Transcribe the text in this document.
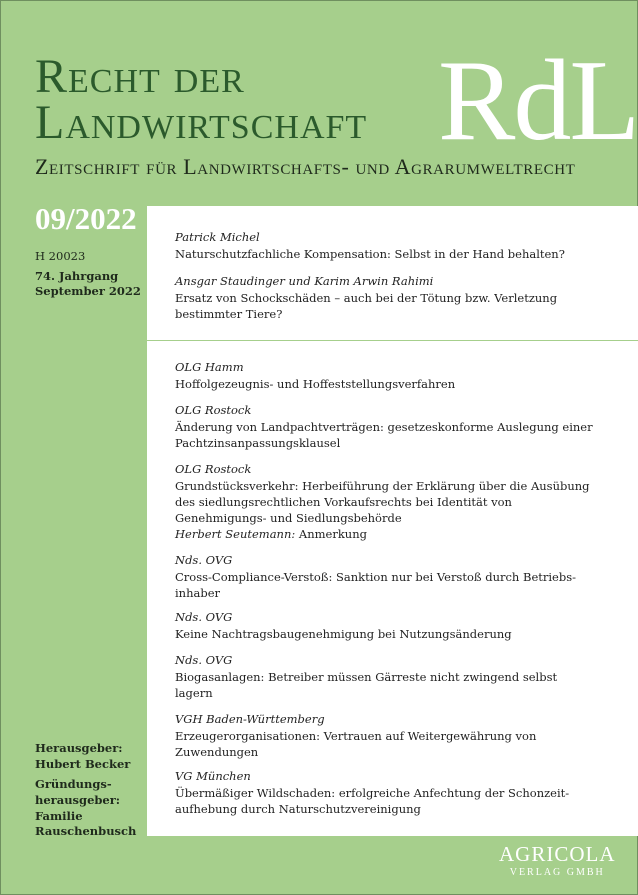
Recht der
Landwirtschaft RdL
Zeitschrift für Landwirtschafts- und Agrarumweltrecht
09/2022
H 20023
74. Jahrgang
September 2022
Herausgeber:
Hubert Becker
Gründungs-
herausgeber:
Familie
Rauschenbusch
Patrick Michel
Naturschutzfachliche Kompensation: Selbst in der Hand behalten?
Ansgar Staudinger und Karim Arwin Rahimi
Ersatz von Schockschäden – auch bei der Tötung bzw. Verletzung
bestimmter Tiere?
OLG Hamm
Hoffolgezeugnis- und Hoffeststellungsverfahren
OLG Rostock
Änderung von Landpachtverträgen: gesetzeskonforme Auslegung einer
Pachtzinsanpassungsklausel
OLG Rostock
Grundstücksverkehr: Herbeiführung der Erklärung über die Ausübung
des siedlungsrechtlichen Vorkaufsrechts bei Identität von
Genehmigungs- und Siedlungsbehörde
Herbert Seutemann: Anmerkung
Nds. OVG
Cross-Compliance-Verstoß: Sanktion nur bei Verstoß durch Betriebs-
inhaber
Nds. OVG
Keine Nachtragsbaugenehmigung bei Nutzungsänderung
Nds. OVG
Biogasanlagen: Betreiber müssen Gärreste nicht zwingend selbst
lagern
VGH Baden-Württemberg
Erzeugerorganisationen: Vertrauen auf Weitergewährung von
Zuwendungen
VG München
Übermäßiger Wildschaden: erfolgreiche Anfechtung der Schonzeit-
aufhebung durch Naturschutzvereinigung
AGRICOLA
VERLAG GMBH
